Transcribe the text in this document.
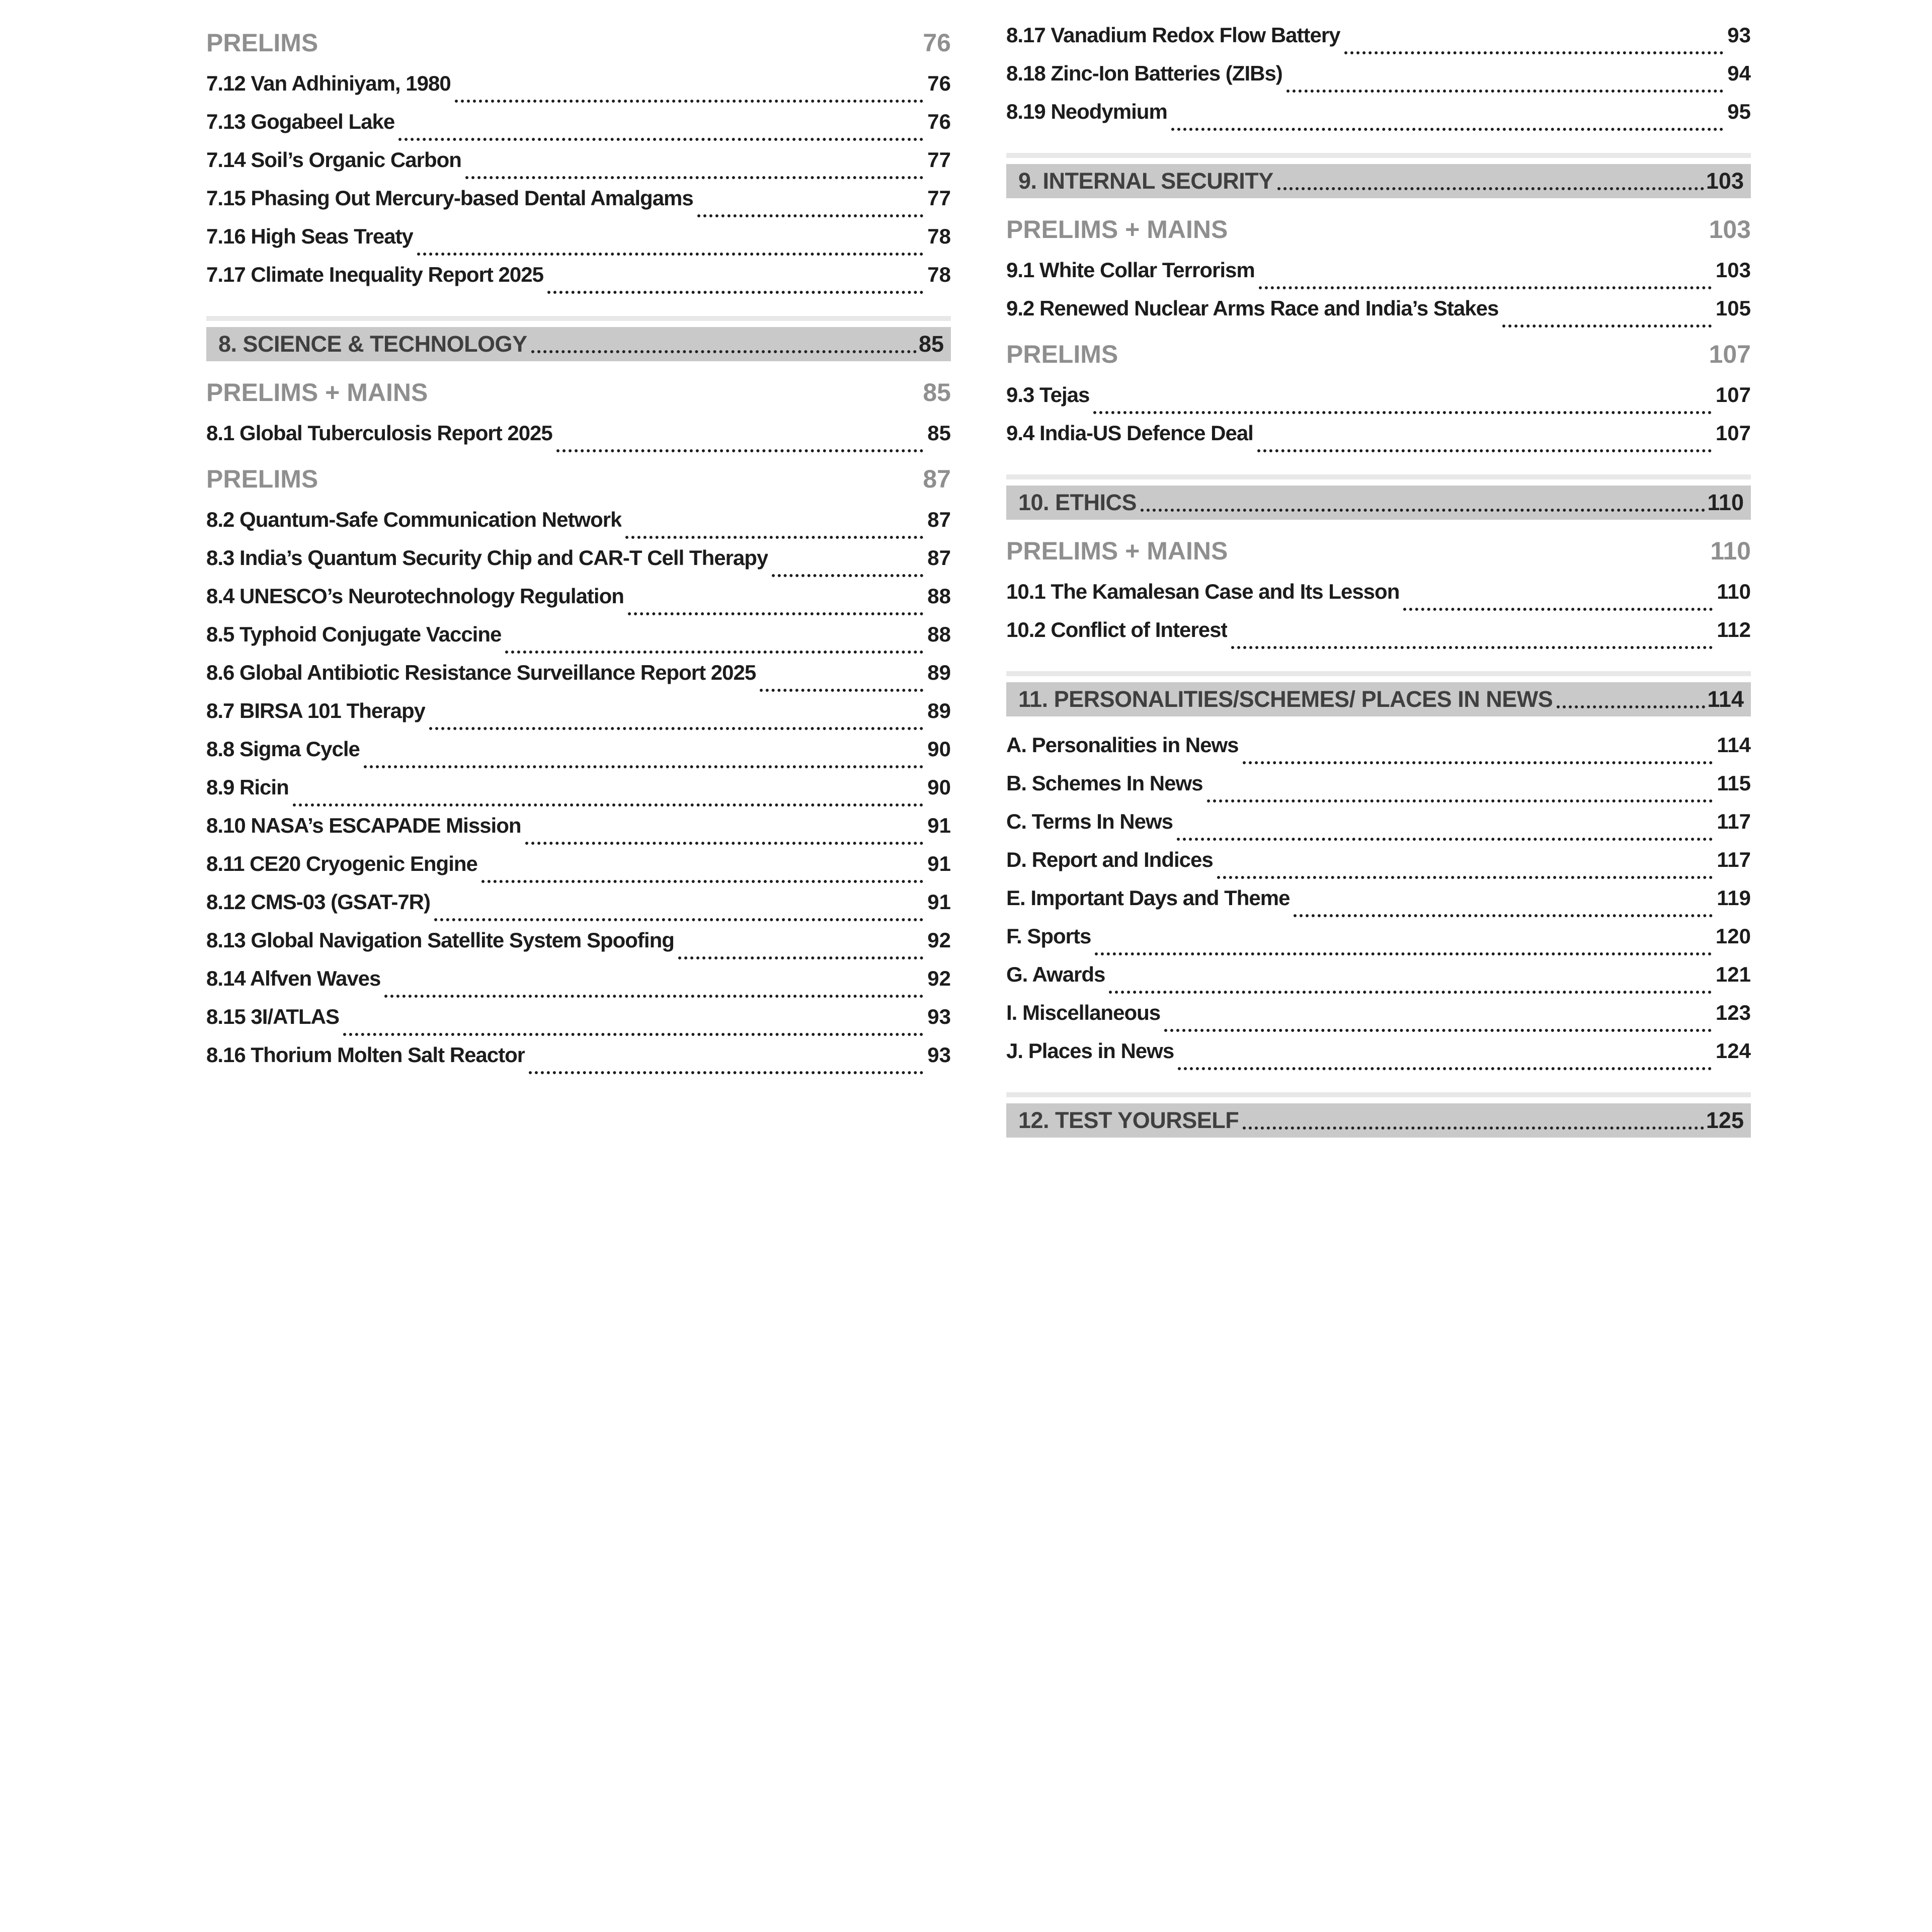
PRELIMS	76
7.12 Van Adhiniyam, 1980	76
7.13 Gogabeel Lake	76
7.14 Soil’s Organic Carbon	77
7.15 Phasing Out Mercury-based Dental Amalgams	77
7.16 High Seas Treaty	78
7.17 Climate Inequality Report 2025	78
8. SCIENCE & TECHNOLOGY	85
PRELIMS + MAINS	85
8.1 Global Tuberculosis Report 2025	85
PRELIMS	87
8.2 Quantum-Safe Communication Network	87
8.3 India’s Quantum Security Chip and CAR-T Cell Therapy	87
8.4 UNESCO’s Neurotechnology Regulation	88
8.5 Typhoid Conjugate Vaccine	88
8.6 Global Antibiotic Resistance Surveillance Report 2025	89
8.7 BIRSA 101 Therapy	89
8.8 Sigma Cycle	90
8.9 Ricin	90
8.10 NASA’s ESCAPADE Mission	91
8.11 CE20 Cryogenic Engine	91
8.12 CMS-03 (GSAT-7R)	91
8.13 Global Navigation Satellite System Spoofing	92
8.14 Alfven Waves	92
8.15 3I/ATLAS	93
8.16 Thorium Molten Salt Reactor	93
8.17 Vanadium Redox Flow Battery	93
8.18 Zinc-Ion Batteries (ZIBs)	94
8.19 Neodymium	95
9. INTERNAL SECURITY	103
PRELIMS + MAINS	103
9.1 White Collar Terrorism	103
9.2 Renewed Nuclear Arms Race and India’s Stakes	105
PRELIMS	107
9.3 Tejas	107
9.4 India-US Defence Deal	107
10. ETHICS	110
PRELIMS + MAINS	110
10.1 The Kamalesan Case and Its Lesson	110
10.2 Conflict of Interest	112
11. PERSONALITIES/SCHEMES/ PLACES IN NEWS	114
A. Personalities in News	114
B. Schemes In News	115
C. Terms In News	117
D. Report and Indices	117
E. Important Days and Theme	119
F. Sports	120
G. Awards	121
I. Miscellaneous	123
J. Places in News	124
12. TEST YOURSELF	125
